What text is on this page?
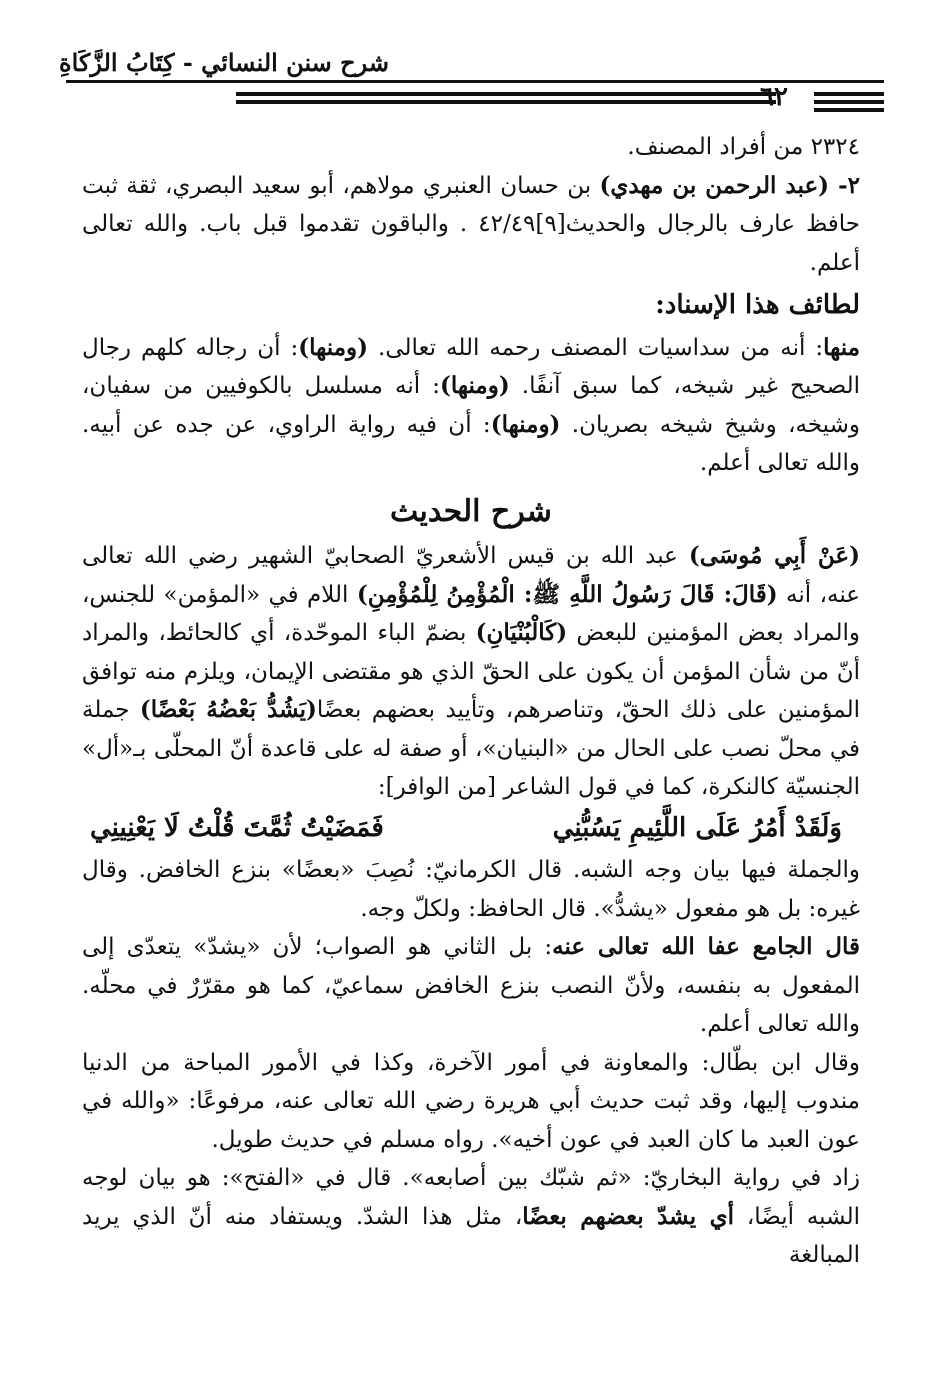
شرح سنن النسائي - كِتَابُ الزَّكَاةِ
٦٢

٢٣٢٤ من أفراد المصنف.

٢- (عبد الرحمن بن مهدي) بن حسان العنبري مولاهم، أبو سعيد البصري، ثقة ثبت حافظ عارف بالرجال والحديث[٩]٤٢/٤٩ . والباقون تقدموا قبل باب. والله تعالى أعلم.

لطائف هذا الإسناد:

منها: أنه من سداسيات المصنف رحمه الله تعالى. (ومنها): أن رجاله كلهم رجال الصحيح غير شيخه، كما سبق آنفًا. (ومنها): أنه مسلسل بالكوفيين من سفيان، وشيخه، وشيخ شيخه بصريان. (ومنها): أن فيه رواية الراوي، عن جده عن أبيه. والله تعالى أعلم.

شرح الحديث

(عَنْ أَبِي مُوسَى) عبد الله بن قيس الأشعريّ الصحابيّ الشهير رضي الله تعالى عنه، أنه (قَالَ: قَالَ رَسُولُ اللَّهِ ﷺ: الْمُؤْمِنُ لِلْمُؤْمِنِ) اللام في «المؤمن» للجنس، والمراد بعض المؤمنين للبعض (كَالْبُنْيَانِ) بضمّ الباء الموحّدة، أي كالحائط، والمراد أنّ من شأن المؤمن أن يكون على الحقّ الذي هو مقتضى الإيمان، ويلزم منه توافق المؤمنين على ذلك الحقّ، وتناصرهم، وتأييد بعضهم بعضًا(يَشُدُّ بَعْضُهُ بَعْضًا) جملة في محلّ نصب على الحال من «البنيان»، أو صفة له على قاعدة أنّ المحلّى بـ«أل» الجنسيّة كالنكرة، كما في قول الشاعر [من الوافر]:

وَلَقَدْ أَمُرُ عَلَى اللَّئِيمِ يَسُبُّنِي
فَمَضَيْتُ ثُمَّتَ قُلْتُ لَا يَعْنِينِي

والجملة فيها بيان وجه الشبه. قال الكرمانيّ: نُصِبَ «بعضًا» بنزع الخافض. وقال غيره: بل هو مفعول «يشدُّ». قال الحافظ: ولكلّ وجه.

قال الجامع عفا الله تعالى عنه: بل الثاني هو الصواب؛ لأن «يشدّ» يتعدّى إلى المفعول به بنفسه، ولأنّ النصب بنزع الخافض سماعيّ، كما هو مقرّرٌ في محلّه. والله تعالى أعلم.

وقال ابن بطّال: والمعاونة في أمور الآخرة، وكذا في الأمور المباحة من الدنيا مندوب إليها، وقد ثبت حديث أبي هريرة رضي الله تعالى عنه، مرفوعًا: «والله في عون العبد ما كان العبد في عون أخيه». رواه مسلم في حديث طويل.

زاد في رواية البخاريّ: «ثم شبّك بين أصابعه». قال في «الفتح»: هو بيان لوجه الشبه أيضًا، أي يشدّ بعضهم بعضًا، مثل هذا الشدّ. ويستفاد منه أنّ الذي يريد المبالغة
